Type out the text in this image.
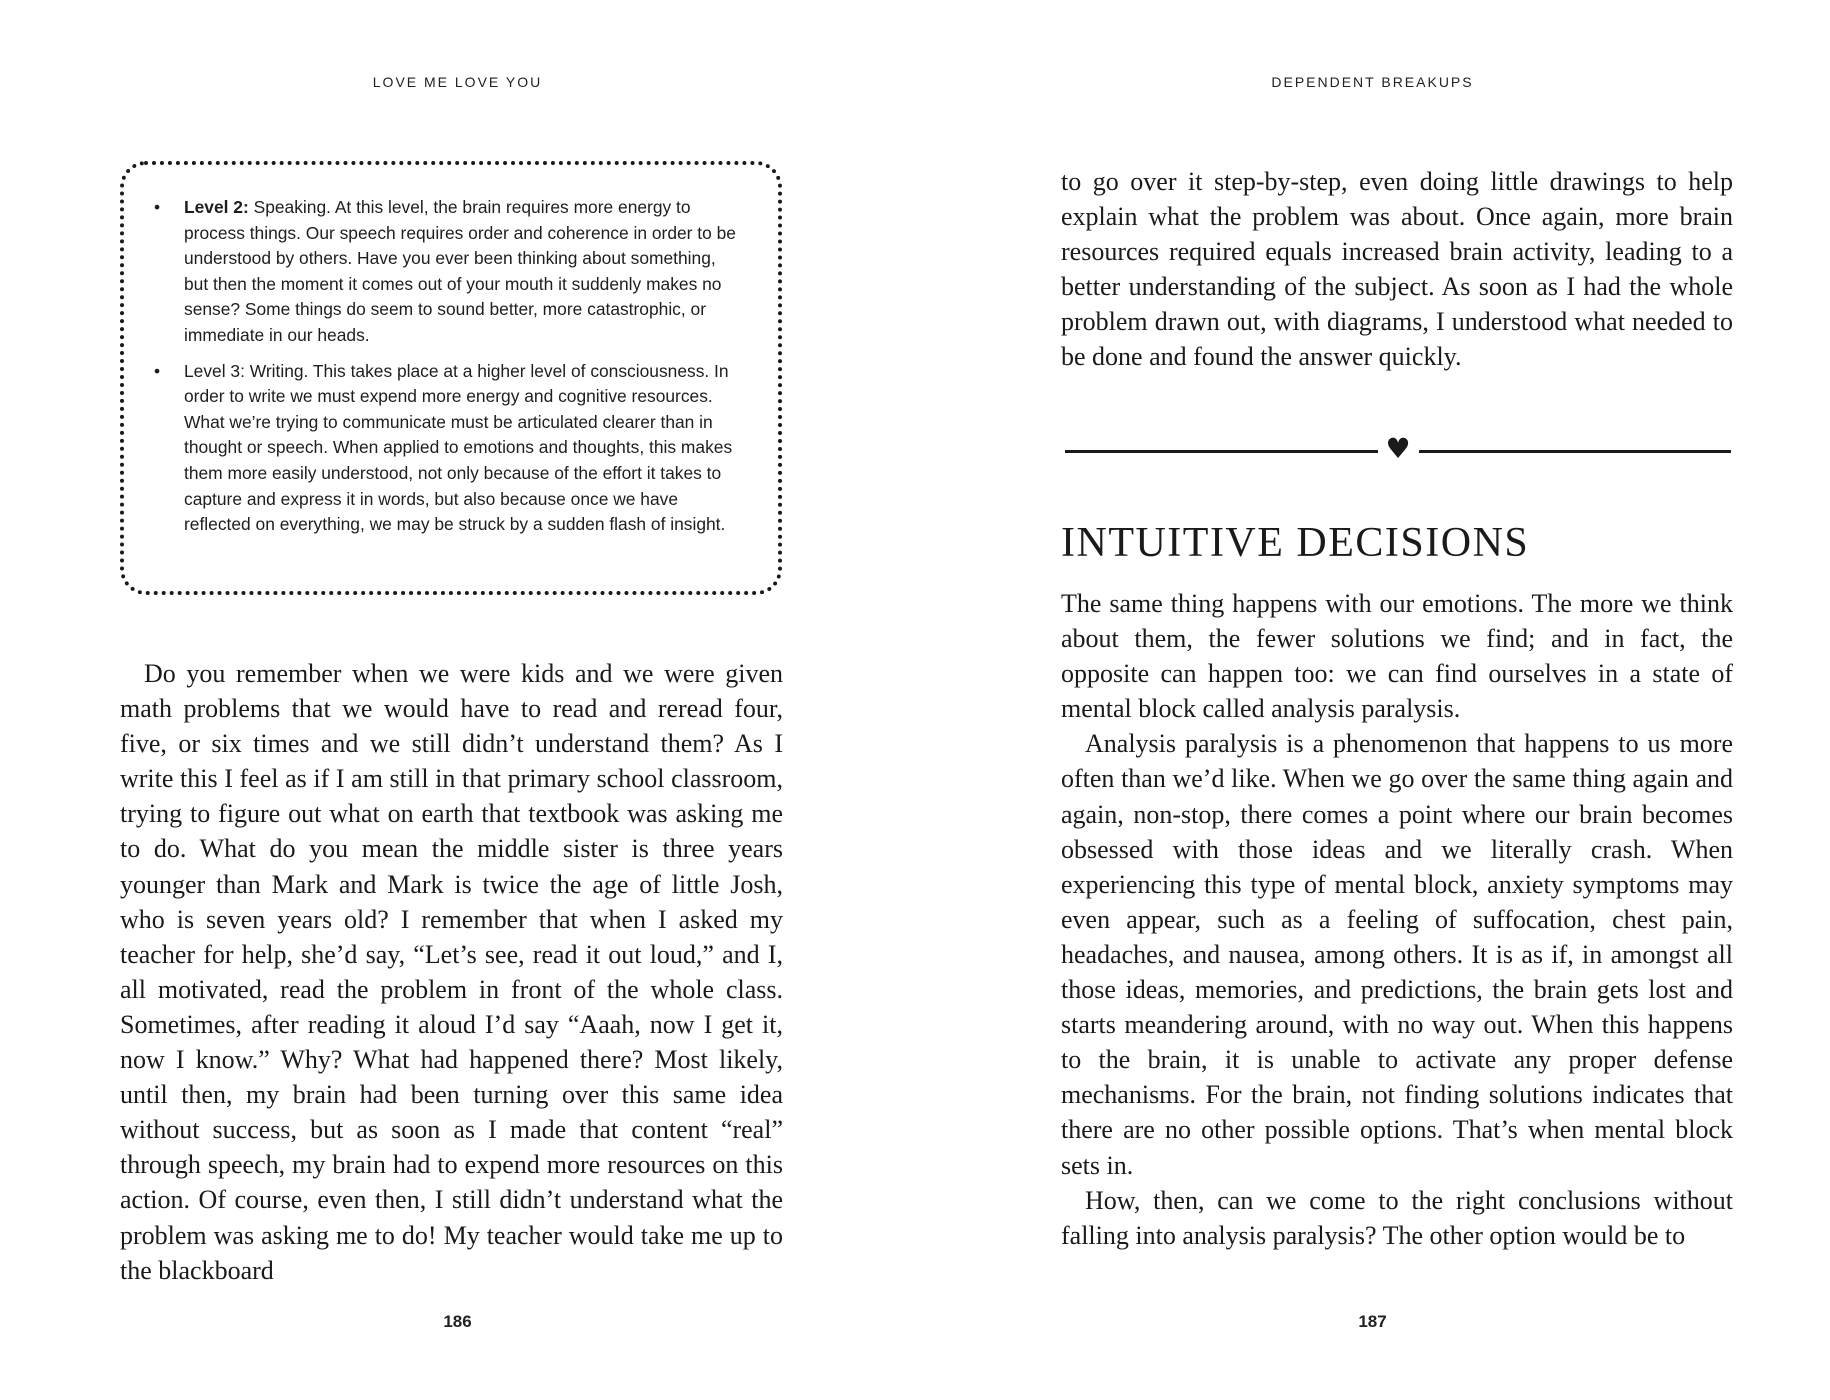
LOVE ME LOVE YOU
• Level 2: Speaking. At this level, the brain requires more energy to process things. Our speech requires order and coherence in order to be understood by others. Have you ever been thinking about something, but then the moment it comes out of your mouth it suddenly makes no sense? Some things do seem to sound better, more catastrophic, or immediate in our heads.
• Level 3: Writing. This takes place at a higher level of consciousness. In order to write we must expend more energy and cognitive resources. What we’re trying to communicate must be articulated clearer than in thought or speech. When applied to emotions and thoughts, this makes them more easily understood, not only because of the effort it takes to capture and express it in words, but also because once we have reflected on everything, we may be struck by a sudden flash of insight.

Do you remember when we were kids and we were given math problems that we would have to read and reread four, five, or six times and we still didn’t understand them? As I write this I feel as if I am still in that primary school classroom, trying to figure out what on earth that textbook was asking me to do. What do you mean the middle sister is three years younger than Mark and Mark is twice the age of little Josh, who is seven years old? I remember that when I asked my teacher for help, she’d say, “Let’s see, read it out loud,” and I, all motivated, read the problem in front of the whole class. Sometimes, after reading it aloud I’d say “Aaah, now I get it, now I know.” Why? What had happened there? Most likely, until then, my brain had been turning over this same idea without success, but as soon as I made that content “real” through speech, my brain had to expend more resources on this action. Of course, even then, I still didn’t understand what the problem was asking me to do! My teacher would take me up to the blackboard

186
DEPENDENT BREAKUPS

to go over it step-by-step, even doing little drawings to help explain what the problem was about. Once again, more brain resources required equals increased brain activity, leading to a better understanding of the subject. As soon as I had the whole problem drawn out, with diagrams, I understood what needed to be done and found the answer quickly.

♥
INTUITIVE DECISIONS

The same thing happens with our emotions. The more we think about them, the fewer solutions we find; and in fact, the opposite can happen too: we can find ourselves in a state of mental block called analysis paralysis.

Analysis paralysis is a phenomenon that happens to us more often than we’d like. When we go over the same thing again and again, non-stop, there comes a point where our brain becomes obsessed with those ideas and we literally crash. When experiencing this type of mental block, anxiety symptoms may even appear, such as a feeling of suffocation, chest pain, headaches, and nausea, among others. It is as if, in amongst all those ideas, memories, and predictions, the brain gets lost and starts meandering around, with no way out. When this happens to the brain, it is unable to activate any proper defense mechanisms. For the brain, not finding solutions indicates that there are no other possible options. That’s when mental block sets in.

How, then, can we come to the right conclusions without falling into analysis paralysis? The other option would be to

187
